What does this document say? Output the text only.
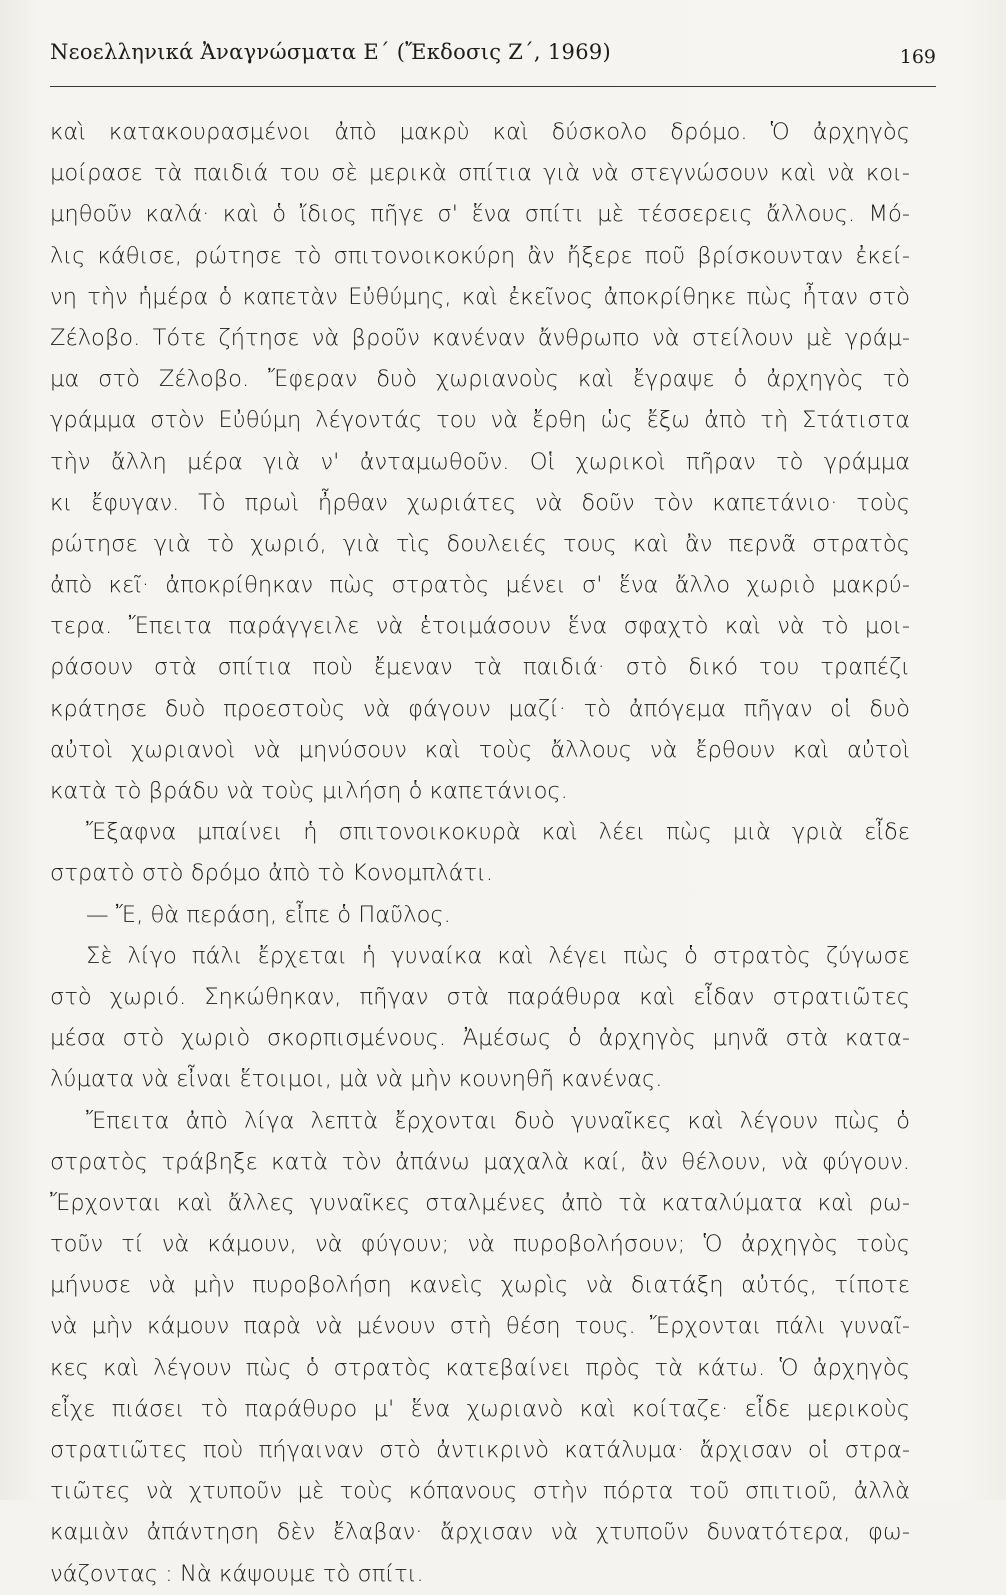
Νεοελληνικά Ἀναγνώσματα Ε΄ (Ἔκδοσις Ζ΄, 1969)	169
καὶ κατακουρασμένοι ἀπὸ μακρὺ καὶ δύσκολο δρόμο. Ὁ ἀρχηγὸς
μοίρασε τὰ παιδιά του σὲ μερικὰ σπίτια γιὰ νὰ στεγνώσουν καὶ νὰ κοι-
μηθοῦν καλά· καὶ ὁ ἴδιος πῆγε σ' ἕνα σπίτι μὲ τέσσερεις ἄλλους. Μό-
λις κάθισε, ρώτησε τὸ σπιτονοικοκύρη ἂν ἤξερε ποῦ βρίσκουνταν ἐκεί-
νη τὴν ἡμέρα ὁ καπετὰν Εὐθύμης, καὶ ἐκεῖνος ἀποκρίθηκε πὼς ἦταν στὸ
Ζέλοβο. Τότε ζήτησε νὰ βροῦν κανέναν ἄνθρωπο νὰ στείλουν μὲ γράμ-
μα στὸ Ζέλοβο. Ἔφεραν δυὸ χωριανοὺς καὶ ἔγραψε ὁ ἀρχηγὸς τὸ
γράμμα στὸν Εὐθύμη λέγοντάς του νὰ ἔρθη ὡς ἔξω ἀπὸ τὴ Στάτιστα
τὴν ἄλλη μέρα γιὰ ν' ἀνταμωθοῦν. Οἱ χωρικοὶ πῆραν τὸ γράμμα
κι ἔφυγαν. Τὸ πρωὶ ἦρθαν χωριάτες νὰ δοῦν τὸν καπετάνιο· τοὺς
ρώτησε γιὰ τὸ χωριό, γιὰ τὶς δουλειές τους καὶ ἂν περνᾶ στρατὸς
ἀπὸ κεῖ· ἀποκρίθηκαν πὼς στρατὸς μένει σ' ἕνα ἄλλο χωριὸ μακρύ-
τερα. Ἔπειτα παράγγειλε νὰ ἑτοιμάσουν ἕνα σφαχτὸ καὶ νὰ τὸ μοι-
ράσουν στὰ σπίτια ποὺ ἔμεναν τὰ παιδιά· στὸ δικό του τραπέζι
κράτησε δυὸ προεστοὺς νὰ φάγουν μαζί· τὸ ἀπόγεμα πῆγαν οἱ δυὸ
αὐτοὶ χωριανοὶ νὰ μηνύσουν καὶ τοὺς ἄλλους νὰ ἔρθουν καὶ αὐτοὶ
κατὰ τὸ βράδυ νὰ τοὺς μιλήση ὁ καπετάνιος.
Ἔξαφνα μπαίνει ἡ σπιτονοικοκυρὰ καὶ λέει πὼς μιὰ γριὰ εἶδε
στρατὸ στὸ δρόμο ἀπὸ τὸ Κονομπλάτι.
— Ἔ, θὰ περάση, εἶπε ὁ Παῦλος.
Σὲ λίγο πάλι ἔρχεται ἡ γυναίκα καὶ λέγει πὼς ὁ στρατὸς ζύγωσε
στὸ χωριό. Σηκώθηκαν, πῆγαν στὰ παράθυρα καὶ εἶδαν στρατιῶτες
μέσα στὸ χωριὸ σκορπισμένους. Ἀμέσως ὁ ἀρχηγὸς μηνᾶ στὰ κατα-
λύματα νὰ εἶναι ἕτοιμοι, μὰ νὰ μὴν κουνηθῆ κανένας.
Ἔπειτα ἀπὸ λίγα λεπτὰ ἔρχονται δυὸ γυναῖκες καὶ λέγουν πὼς ὁ
στρατὸς τράβηξε κατὰ τὸν ἀπάνω μαχαλὰ καί, ἂν θέλουν, νὰ φύγουν.
Ἔρχονται καὶ ἄλλες γυναῖκες σταλμένες ἀπὸ τὰ καταλύματα καὶ ρω-
τοῦν τί νὰ κάμουν, νὰ φύγουν; νὰ πυροβολήσουν; Ὁ ἀρχηγὸς τοὺς
μήνυσε νὰ μὴν πυροβολήση κανεὶς χωρὶς νὰ διατάξη αὐτός, τίποτε
νὰ μὴν κάμουν παρὰ νὰ μένουν στὴ θέση τους. Ἔρχονται πάλι γυναῖ-
κες καὶ λέγουν πὼς ὁ στρατὸς κατεβαίνει πρὸς τὰ κάτω. Ὁ ἀρχηγὸς
εἶχε πιάσει τὸ παράθυρο μ' ἕνα χωριανὸ καὶ κοίταζε· εἶδε μερικοὺς
στρατιῶτες ποὺ πήγαιναν στὸ ἀντικρινὸ κατάλυμα· ἄρχισαν οἱ στρα-
τιῶτες νὰ χτυποῦν μὲ τοὺς κόπανους στὴν πόρτα τοῦ σπιτιοῦ, ἀλλὰ
καμιὰν ἀπάντηση δὲν ἔλαβαν· ἄρχισαν νὰ χτυποῦν δυνατότερα, φω-
νάζοντας : Νὰ κάψουμε τὸ σπίτι.
